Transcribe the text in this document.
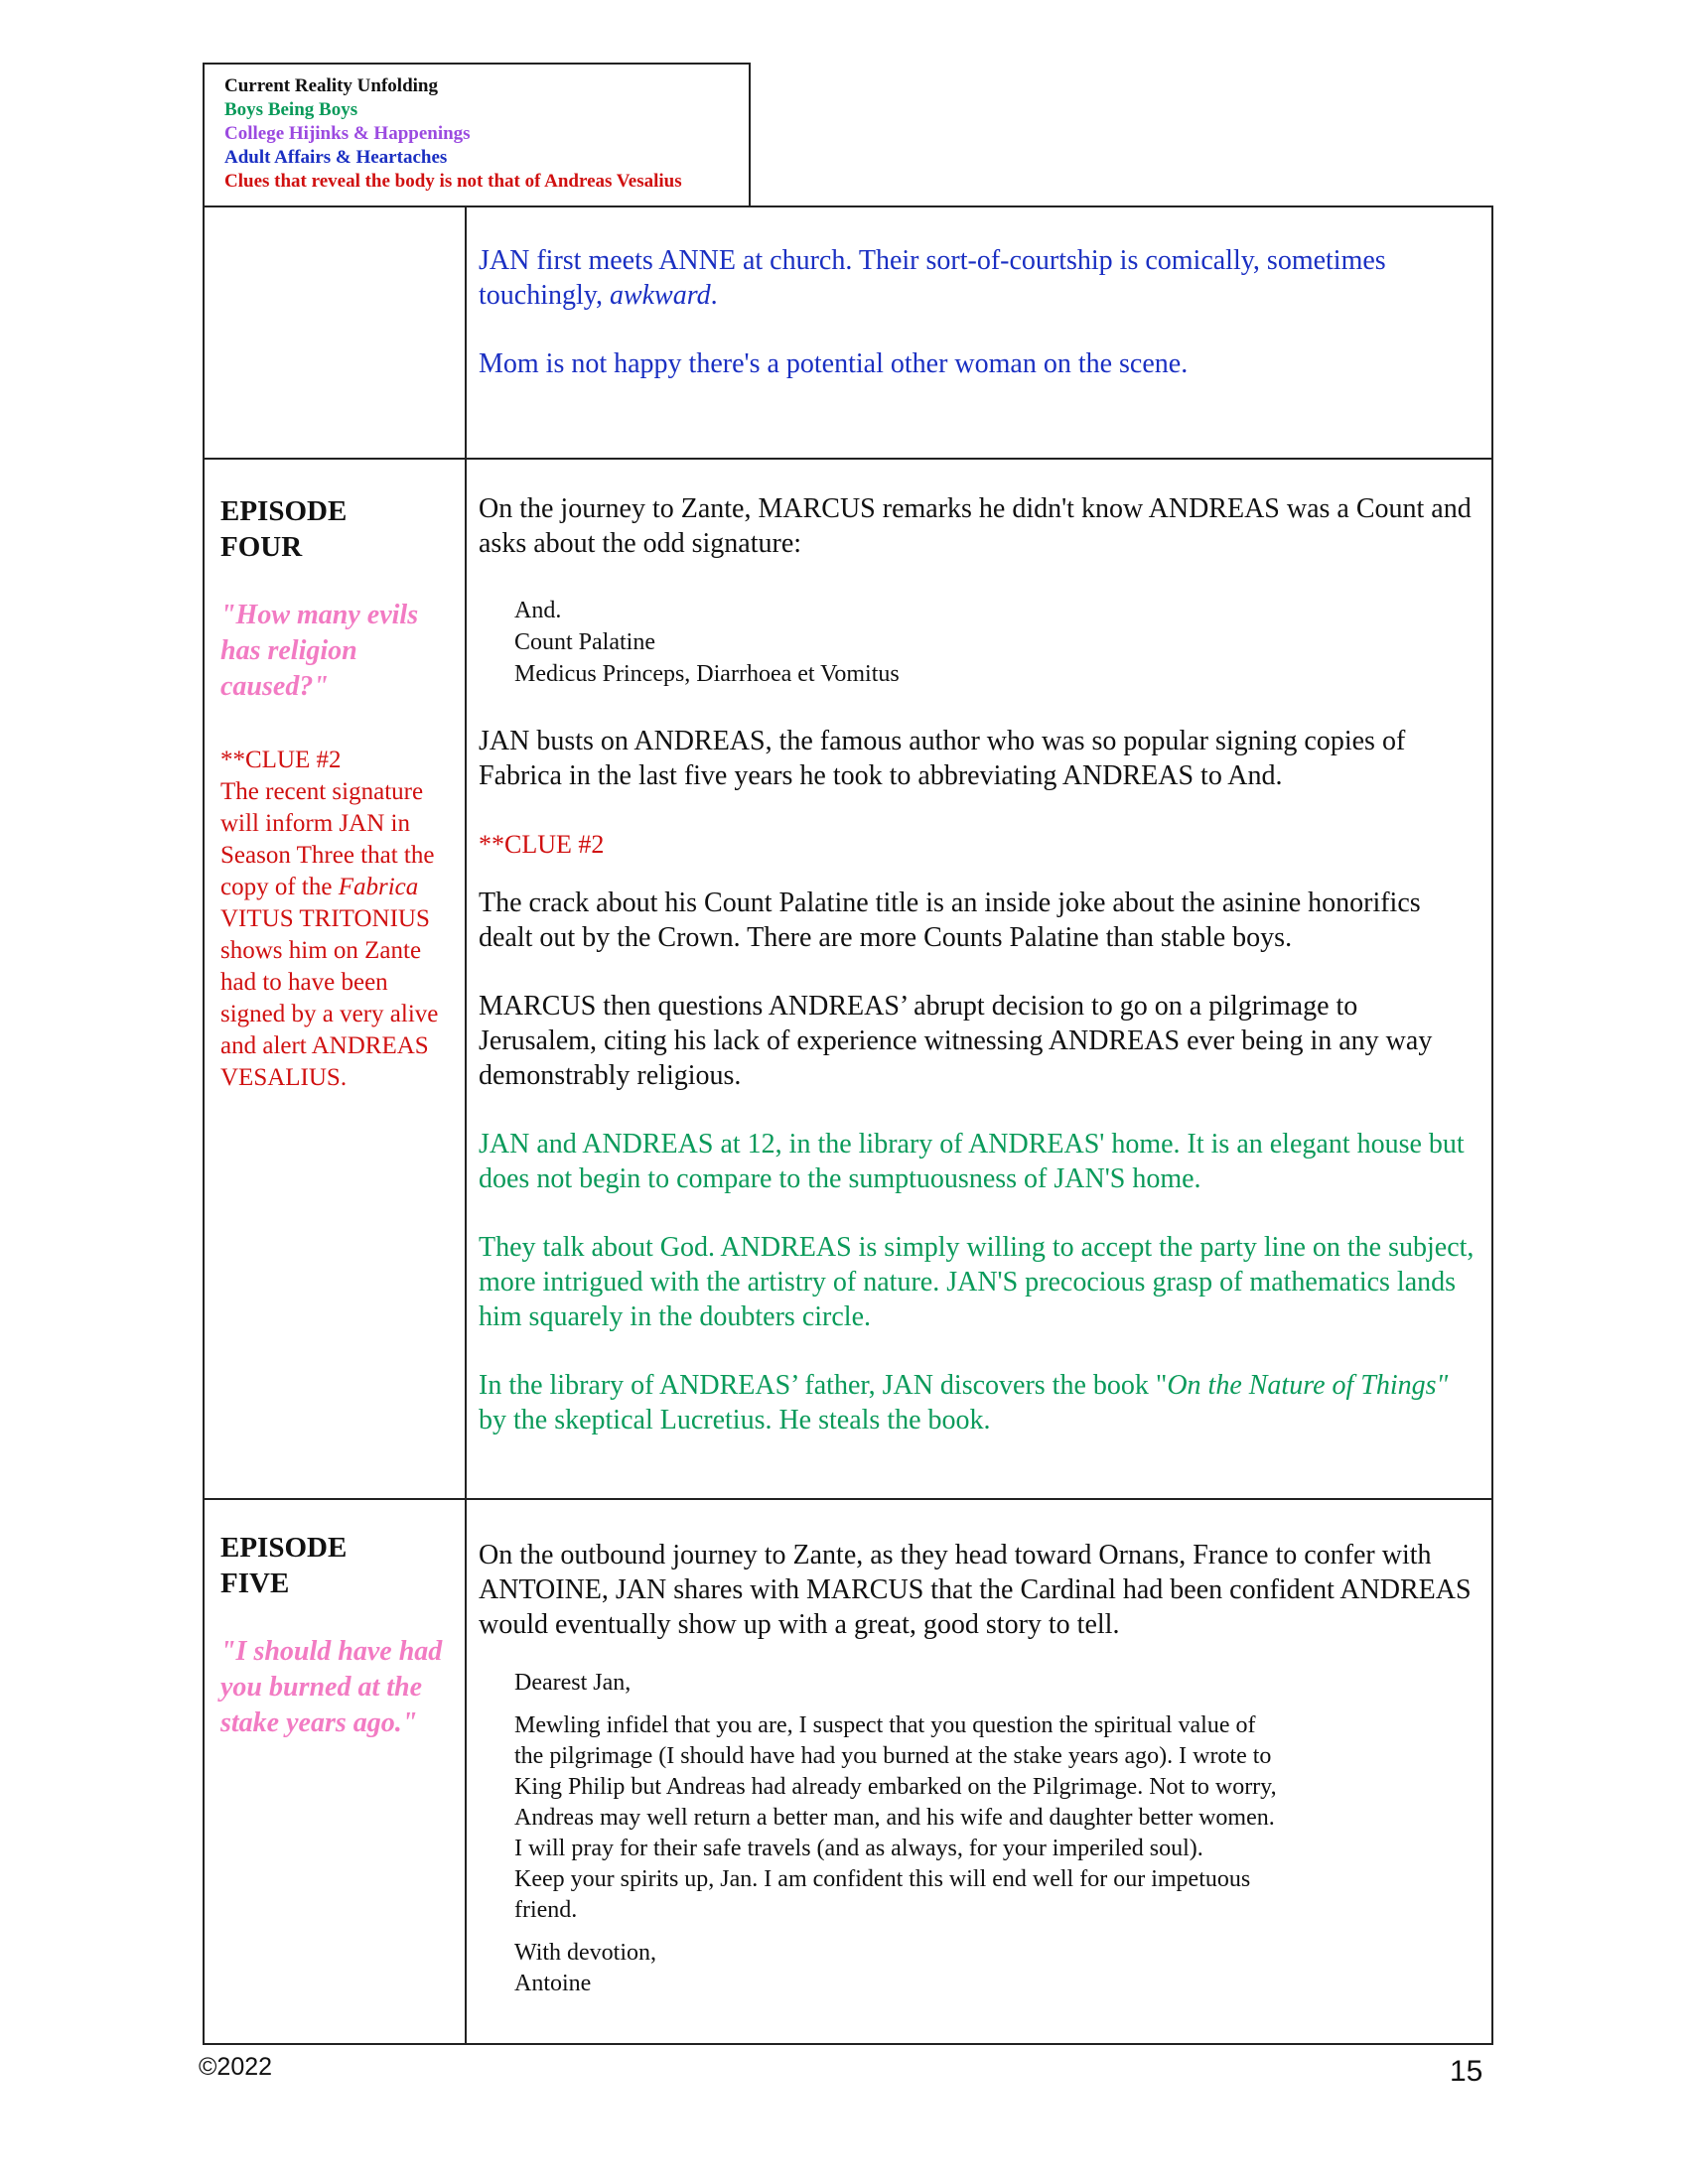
Current Reality Unfolding
Boys Being Boys
College Hijinks & Happenings
Adult Affairs & Heartaches
Clues that reveal the body is not that of Andreas Vesalius

JAN first meets ANNE at church. Their sort-of-courtship is comically, sometimes touchingly, awkward.

Mom is not happy there's a potential other woman on the scene.

EPISODE
FOUR
"How many evils has religion caused?"
**CLUE #2
The recent signature will inform JAN in Season Three that the copy of the Fabrica VITUS TRITONIUS shows him on Zante had to have been signed by a very alive and alert ANDREAS VESALIUS.

On the journey to Zante, MARCUS remarks he didn't know ANDREAS was a Count and asks about the odd signature:

And.
Count Palatine
Medicus Princeps, Diarrhoea et Vomitus

JAN busts on ANDREAS, the famous author who was so popular signing copies of Fabrica in the last five years he took to abbreviating ANDREAS to And.

**CLUE #2

The crack about his Count Palatine title is an inside joke about the asinine honorifics dealt out by the Crown. There are more Counts Palatine than stable boys.

MARCUS then questions ANDREAS’ abrupt decision to go on a pilgrimage to Jerusalem, citing his lack of experience witnessing ANDREAS ever being in any way demonstrably religious.

JAN and ANDREAS at 12, in the library of ANDREAS' home. It is an elegant house but does not begin to compare to the sumptuousness of JAN'S home.

They talk about God. ANDREAS is simply willing to accept the party line on the subject, more intrigued with the artistry of nature. JAN'S precocious grasp of mathematics lands him squarely in the doubters circle.

In the library of ANDREAS’ father, JAN discovers the book "On the Nature of Things" by the skeptical Lucretius. He steals the book.

EPISODE
FIVE
"I should have had you burned at the stake years ago."

On the outbound journey to Zante, as they head toward Ornans, France to confer with ANTOINE, JAN shares with MARCUS that the Cardinal had been confident ANDREAS would eventually show up with a great, good story to tell.

Dearest Jan,
Mewling infidel that you are, I suspect that you question the spiritual value of
the pilgrimage (I should have had you burned at the stake years ago). I wrote to
King Philip but Andreas had already embarked on the Pilgrimage. Not to worry,
Andreas may well return a better man, and his wife and daughter better women.
I will pray for their safe travels (and as always, for your imperiled soul).
Keep your spirits up, Jan. I am confident this will end well for our impetuous
friend.
With devotion,
Antoine
©2022	15
